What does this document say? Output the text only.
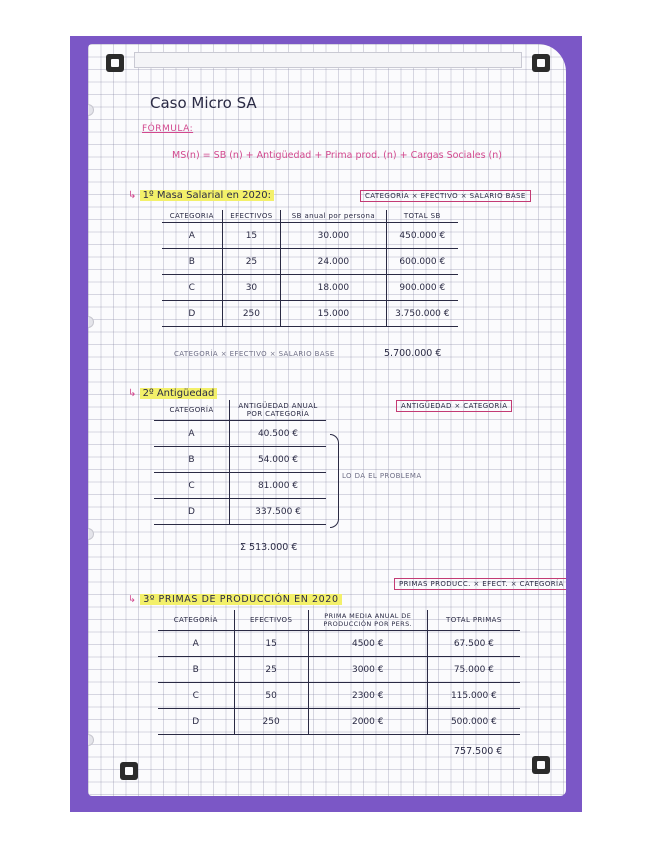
Caso Micro SA
FÓRMULA:
MS(n) = SB (n) + Antigüedad + Prima prod. (n) + Cargas Sociales (n)
↳ 1º Masa Salarial en 2020:	CATEGORÍA × EFECTIVO × SALARIO BASE
CATEGORIA	EFECTIVOS	SB anual por persona	TOTAL SB
A	15	30.000	450.000 €
B	25	24.000	600.000 €
C	30	18.000	900.000 €
D	250	15.000	3.750.000 €
CATEGORÍA × EFECTIVO × SALARIO BASE	5.700.000 €
↳ 2º Antigüedad
ANTIGÜEDAD × CATEGORÍA
CATEGORÍA	ANTIGÜEDAD ANUAL POR CATEGORÍA
A	40.500 €
B	54.000 €
C	81.000 €
D	337.500 €
LO DA EL PROBLEMA
Σ 513.000 €
PRIMAS PRODUCC. × EFECT. × CATEGORÍA
↳ 3º PRIMAS DE PRODUCCIÓN EN 2020
CATEGORÍA	EFECTIVOS	PRIMA MEDIA ANUAL DE PRODUCCIÓN POR PERS.	TOTAL PRIMAS
A	15	4500 €	67.500 €
B	25	3000 €	75.000 €
C	50	2300 €	115.000 €
D	250	2000 €	500.000 €
757.500 €
